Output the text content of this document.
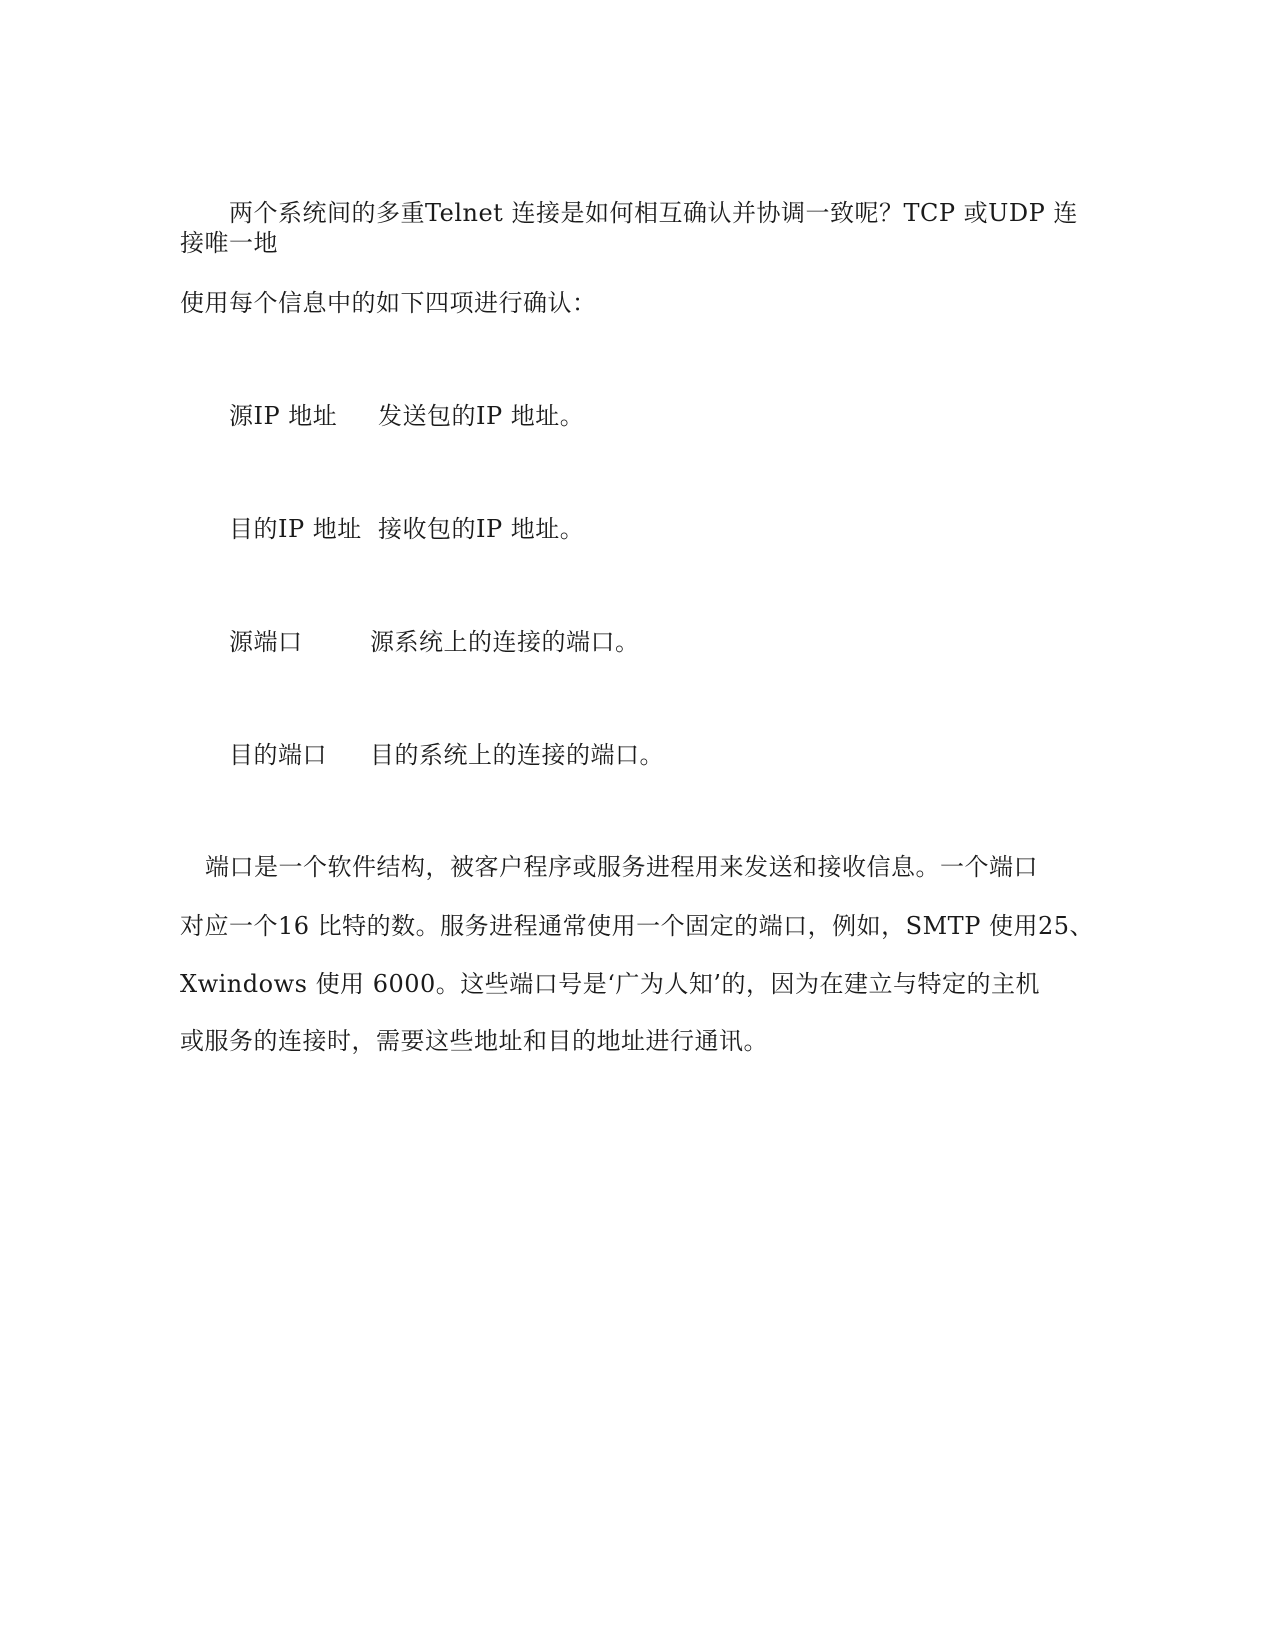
两个系统间的多重Telnet 连接是如何相互确认并协调一致呢？TCP 或UDP 连
接唯一地
使用每个信息中的如下四项进行确认：
源IP 地址 发送包的IP 地址。
目的IP 地址 接收包的IP 地址。
源端口	源系统上的连接的端口。
目的端口 目的系统上的连接的端口。
端口是一个软件结构，被客户程序或服务进程用来发送和接收信息。一个端口
对应一个16 比特的数。服务进程通常使用一个固定的端口，例如，SMTP 使用25、
Xwindows 使用 6000。这些端口号是‘广为人知’的，因为在建立与特定的主机
或服务的连接时，需要这些地址和目的地址进行通讯。
